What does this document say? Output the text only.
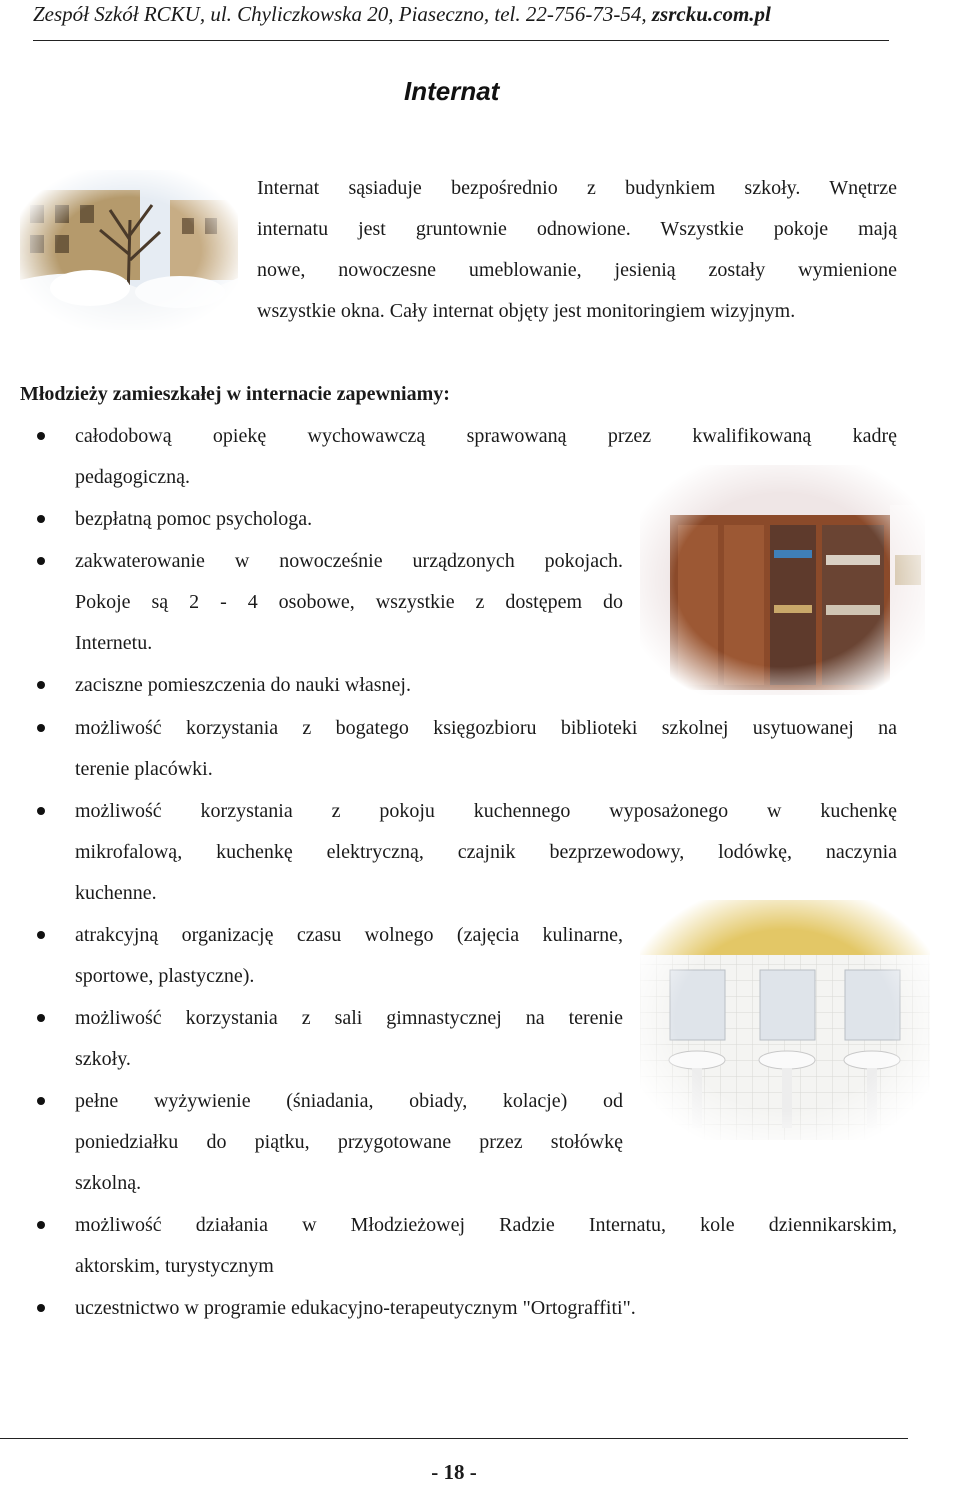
Zespół Szkół RCKU, ul. Chyliczkowska 20, Piaseczno, tel. 22-756-73-54, zsrcku.com.pl
Internat
Internat sąsiaduje bezpośrednio z budynkiem szkoły. Wnętrze
internatu jest gruntownie odnowione. Wszystkie pokoje mają
nowe, nowoczesne umeblowanie, jesienią zostały wymienione
wszystkie okna. Cały internat objęty jest monitoringiem wizyjnym.
Młodzieży zamieszkałej w internacie zapewniamy:
całodobową opiekę wychowawczą sprawowaną przez kwalifikowaną kadrę
pedagogiczną.
bezpłatną pomoc psychologa.
zakwaterowanie w nowocześnie urządzonych pokojach.
Pokoje są 2 - 4 osobowe, wszystkie z dostępem do
Internetu.
zaciszne pomieszczenia do nauki własnej.
możliwość korzystania z bogatego księgozbioru biblioteki szkolnej usytuowanej na
terenie placówki.
możliwość korzystania z pokoju kuchennego wyposażonego w kuchenkę
mikrofalową, kuchenkę elektryczną, czajnik bezprzewodowy, lodówkę, naczynia
kuchenne.
atrakcyjną organizację czasu wolnego (zajęcia kulinarne,
sportowe, plastyczne).
możliwość korzystania z sali gimnastycznej na terenie
szkoły.
pełne wyżywienie (śniadania, obiady, kolacje) od
poniedziałku do piątku, przygotowane przez stołówkę
szkolną.
możliwość działania w Młodzieżowej Radzie Internatu, kole dziennikarskim,
aktorskim, turystycznym
uczestnictwo w programie edukacyjno-terapeutycznym "Ortograffiti".
- 18 -
